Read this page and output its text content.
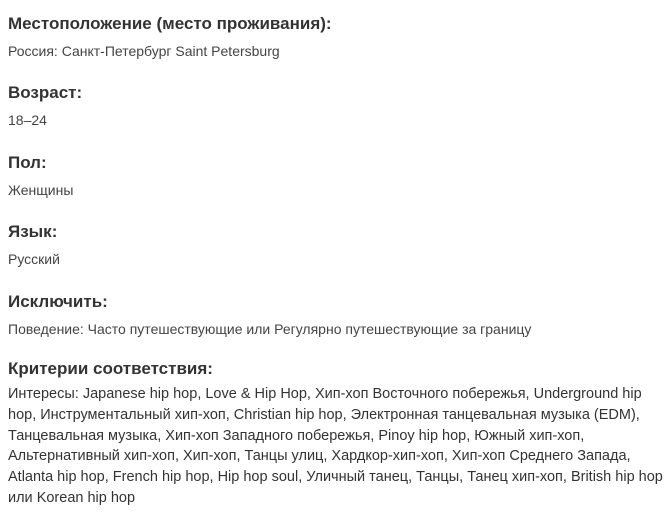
Местоположение (место проживания):
Россия: Санкт-Петербург Saint Petersburg
Возраст:
18–24
Пол:
Женщины
Язык:
Русский
Исключить:
Поведение: Часто путешествующие или Регулярно путешествующие за границу
Критерии соответствия:
Интересы: Japanese hip hop, Love & Hip Hop, Хип-хоп Восточного побережья, Underground hip hop, Инструментальный хип-хоп, Christian hip hop, Электронная танцевальная музыка (EDM), Танцевальная музыка, Хип-хоп Западного побережья, Pinoy hip hop, Южный хип-хоп, Альтернативный хип-хоп, Хип-хоп, Танцы улиц, Хардкор-хип-хоп, Хип-хоп Среднего Запада, Atlanta hip hop, French hip hop, Hip hop soul, Уличный танец, Танцы, Танец хип-хоп, British hip hop или Korean hip hop
